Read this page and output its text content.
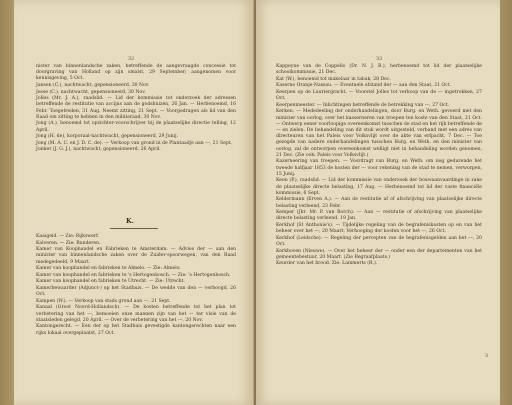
32

nister van binnenlandsche zaken, betreffende de aangevraagde concessie tot doorgraving van Holland op zijn smalst, 29 September; aangenomen voor kennisgeving, 5 Oct.

Jansen (C.), nachtwacht, gepensioneerd, 30 Nov.

Jesse (C.), nachtwacht, gepensioneerd, 30 Nov.

Jolles (Mr. J. A.), raadslid. — Lid der kommissie tot onderzoek der adressen betreffende de restitutie van accijns aan de godshuizen, 26 Jan. — Herbenoemd, 16 Febr. Toegetreden, 31 Aug. Neemt zitting, 21 Sept. — Voorgedragen als lid van den Raad om zitting te hebben in den militieraad, 30 Nov.

Jong (A.), benoemd tot opzichter-voorschrijver bij de plaatselijke directie telling, 12 April.

Jong (H. de), korporaal-nachtwacht, gepensioneerd, 29 Junij.

Jong (M. A. C. en J. D. C. de). — Verkoop van grond in de Plantaadje aan —, 21 Sept.

Junker (J. G. J.), nachtwacht, gepensioneerd, 26 April.

K.

Kaaigeld. — Zie: Rijkswerf.

Kalveren. — Zie: Runderen.

Kamer van Koophandel en Fabrieken te Amsterdam. — Advies der — aan den minister van binnenlandsche zaken over de Zuider-spoorwegen, van den Raad medegedeeld, 9 Maart.

Kamer van koophandel en fabrieken te Almelo. — Zie: Almelo.

Kamer van koophandel en fabrieken te 's Hertogenbosch. — Zie: 's Hertogenbosch.

Kamer van koophandel en fabrieken te Utrecht. — Zie: Utrecht.

Kamerbewaarder (Adjunct-) op het Stadhuis. — De wedde van den — verhoogd, 26 Oct.

Kampen (W.). — Verkoop van stads grond aan —, 21 Sept.

Kanaal (Groot Noord-Hollandsch). — De kosten betreffende tot het plan tot verbetering van het —, bemoeien onze mannen zijn van het — ter visie van de staatsleden gelegd, 20 April. — Over de verbetering van het —, 20 Nov.

Kantongerecht. — Een der op het Stadhuis gevestigde kantongerechten naar een rijks lokaal overgeplaatst, 27 Oct.

33

Kappeyne van de Coppello (Dr. N. J. B.), herbenoemd tot lid der plaatselijke schoolkommissie, 21 Dec.

Kat (W.), benoemd tot makelaar in tabak, 28 Dec.

Kaserne Oranje-Nassau. — Eventuele afstand der — aan den Staat, 21 Oct.

Keerpen op de Lauriergracht. — Voorstel Jolles tot verkoop van de — ingetrokken, 27 Oct.

Keerpenmeester. — Inlichtingen betreffende de betrekking van —, 27 Oct.

Kerken. — Mededeeling der onderhandelingen, door Burg. en Weth. gevoerd met den minister van oorlog, over het kasserneren van troepen ten koste van den Staat, 21 Oct. — Ontwerp eener voorloopige overeenkomst tusschen de stad en het rijk betreffende de — en zielen. De behandeling van dit stuk wordt uitgesteld, verband met een adres van directeuren van het Paleis voor Volksvlijt over de akte van erfpacht, 7 Dec. — Toe gezegde van nadere onderhandelingen tusschen Burg. en Weth. en den minister van oorlog, zal de ontworpen overeenkomst welligt niet in behandeling worden genomen, 21 Dec. (Zie ook: Paleis voor Volksvlijt.)

Kazerneering van troepen. — Voordragt van Burg. en Weth. om nog gedurende het tweede halfjaar 1853 de kosten der — voor rekening van de stad te nemen, verworpen, 15 Junij.

Keen (P.), raadslid. — Lid der kommissie van onderzoek der bouwaanvaardinge in zake de plaatselijke directe belasting, 17 Aug. — Herbenoemd tot lid der vaste financiële kommissie, 6 Sept.

Keldermann (Erven A.). — Aan de restitutie af of afschrijving van plaatselijke directe belasting verleend, 23 Febr.

Kemper (Jhr. Mr. P. van Borch). — Aan — restitutie of afschrijving van plaatselijke directe belasting verleend, 19 Jan.

Kerkhof (St Anthonie's). — Tijdelijke regeling van de begrafeniskosten op en van het beheer over het —, 20 Maart. Verhooging der kosten voor het —, 26 Oct.

Kerkhof (Leidsche). — Regeling der percepten van de begrafenisgelden aan het —, 20 Oct.

Kerkhoven (Nieuwe). — Over het beheer der — onder een der departementen van het gemeentebestuur, 20 Maart. (Zie Begraafplaats.)

Keurder van het brood. Zie: Lammerts (R.).

3
